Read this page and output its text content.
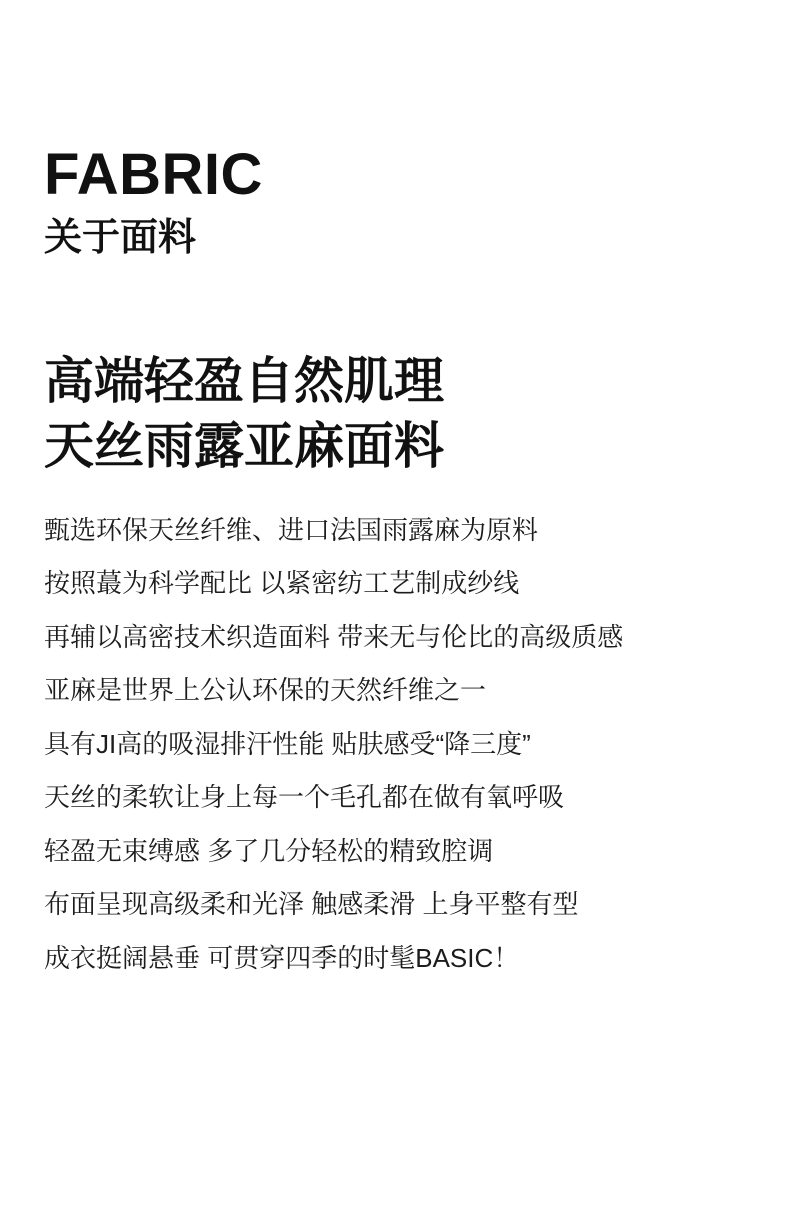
FABRIC
关于面料

高端轻盈自然肌理

天丝雨露亚麻面料

甄选环保天丝纤维、进口法国雨露麻为原料

按照蕞为科学配比 以紧密纺工艺制成纱线

再辅以高密技术织造面料 带来无与伦比的高级质感

亚麻是世界上公认环保的天然纤维之一

具有JI高的吸湿排汗性能 贴肤感受“降三度”

天丝的柔软让身上每一个毛孔都在做有氧呼吸

轻盈无束缚感 多了几分轻松的精致腔调

布面呈现高级柔和光泽 触感柔滑 上身平整有型

成衣挺阔悬垂 可贯穿四季的时髦BASIC！
